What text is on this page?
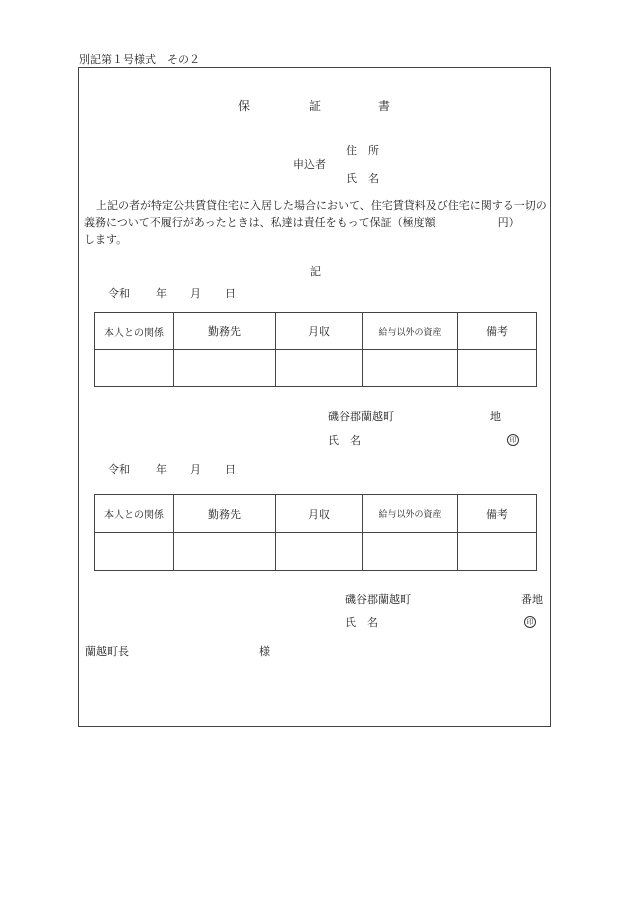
別記第１号様式　その２
保	証	書
住　所
申込者
氏　名
上記の者が特定公共賃貸住宅に入居した場合において、住宅賃貸料及び住宅に関する一切の義務について不履行があったときは、私達は責任をもって保証（極度額	円）
します。
記
令和 年 月 日
本人との関係	勤務先	月収	給与以外の資産	備考

磯谷郡蘭越町	地
氏　名	印
令和 年 月 日
本人との関係	勤務先	月収	給与以外の資産	備考

磯谷郡蘭越町	番地
氏　名	印
蘭越町長	様
